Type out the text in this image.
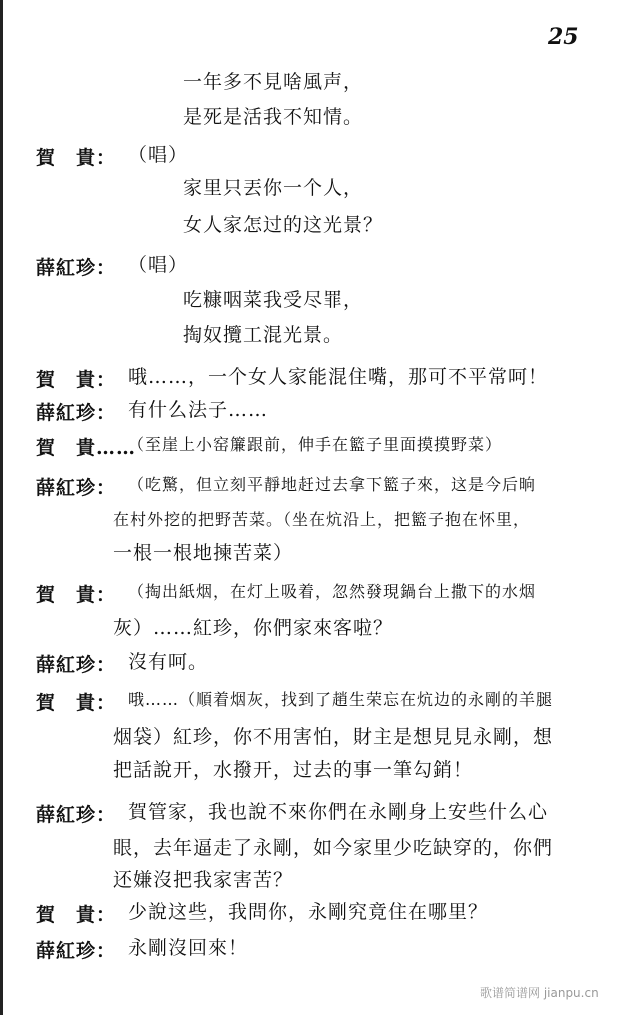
25
一年多不見啥風声，
是死是活我不知情。
賀　貴： （唱）
家里只丟你一个人，
女人家怎过的这光景？
薛紅珍： （唱）
吃糠咽菜我受尽罪，
掏奴攬工混光景。
賀　貴： 哦……，一个女人家能混住嘴，那可不平常呵！
薛紅珍： 有什么法子……
賀　貴……
（至崖上小窑簾跟前，伸手在籃子里面摸摸野菜）
薛紅珍： （吃驚，但立刻平靜地赶过去拿下籃子來，这是今后晌
在村外挖的把野苦菜。（坐在炕沿上，把籃子抱在怀里，
一根一根地揀苦菜）
賀　貴： （掏出紙烟，在灯上吸着，忽然發現鍋台上撒下的水烟
灰）……紅珍，你們家來客啦？
薛紅珍： 沒有呵。
賀　貴： 哦……（順着烟灰，找到了趙生荣忘在炕边的永剛的羊腿
烟袋）紅珍，你不用害怕，財主是想見見永剛，想
把話說开，水撥开，过去的事一筆勾銷！
薛紅珍： 賀管家，我也說不來你們在永剛身上安些什么心
眼，去年逼走了永剛，如今家里少吃缺穿的，你們
还嫌沒把我家害苦？
賀　貴： 少說这些，我問你，永剛究竟住在哪里？
薛紅珍： 永剛沒回來！
歌谱简谱网 jianpu.cn
